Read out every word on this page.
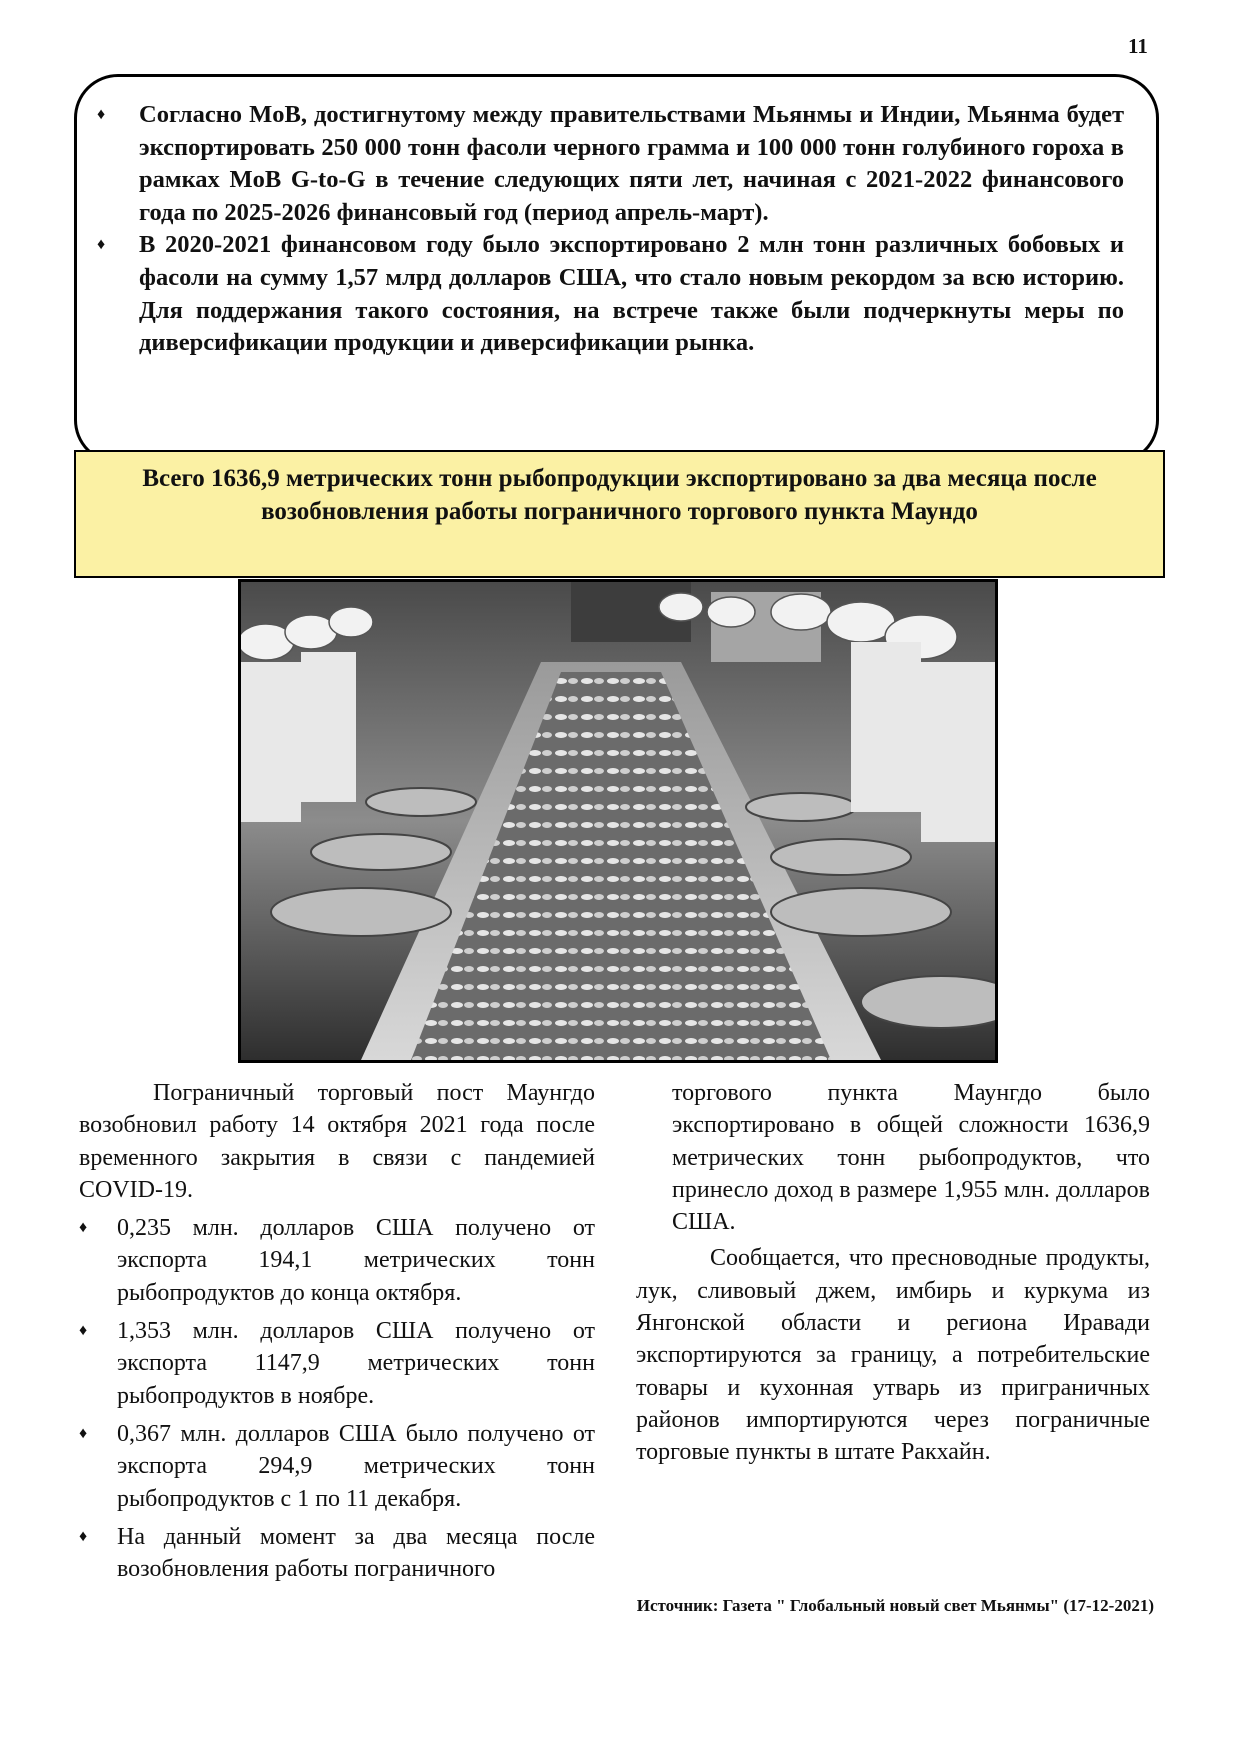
11
♦ Согласно MoB, достигнутому между правительствами Мьянмы и Индии, Мьянма будет экспортировать 250 000 тонн фасоли черного грамма и 100 000 тонн голубиного гороха в рамках MoB G-to-G в течение следующих пяти лет, начиная с 2021-2022 финансового года по 2025-2026 финансовый год (период апрель-март).
♦ В 2020-2021 финансовом году было экспортировано 2 млн тонн различных бобовых и фасоли на сумму 1,57 млрд долларов США, что стало новым рекордом за всю историю. Для поддержания такого состояния, на встрече также были подчеркнуты меры по диверсификации продукции и диверсификации рынка.
Всего 1636,9 метрических тонн рыбопродукции экспортировано за два месяца после возобновления работы пограничного торгового пункта Маундо

Пограничный торговый пост Маунгдо возобновил работу 14 октября 2021 года после временного закрытия в связи с пандемией COVID-19.

♦ 0,235 млн. долларов США получено от экспорта 194,1 метрических тонн рыбопродуктов до конца октября.
♦ 1,353 млн. долларов США получено от экспорта 1147,9 метрических тонн рыбопродуктов в ноябре.
♦ 0,367 млн. долларов США было получено от экспорта 294,9 метрических тонн рыбопродуктов с 1 по 11 декабря.
♦ На данный момент за два месяца после возобновления работы пограничного

торгового пункта Маунгдо было экспортировано в общей сложности 1636,9 метрических тонн рыбопродуктов, что принесло доход в размере 1,955 млн. долларов США.

Сообщается, что пресноводные продукты, лук, сливовый джем, имбирь и куркума из Янгонской области и региона Иравади экспортируются за границу, а потребительские товары и кухонная утварь из приграничных районов импортируются через пограничные торговые пункты в штате Ракхайн.

Источник: Газета " Глобальный новый свет Мьянмы" (17-12-2021)
